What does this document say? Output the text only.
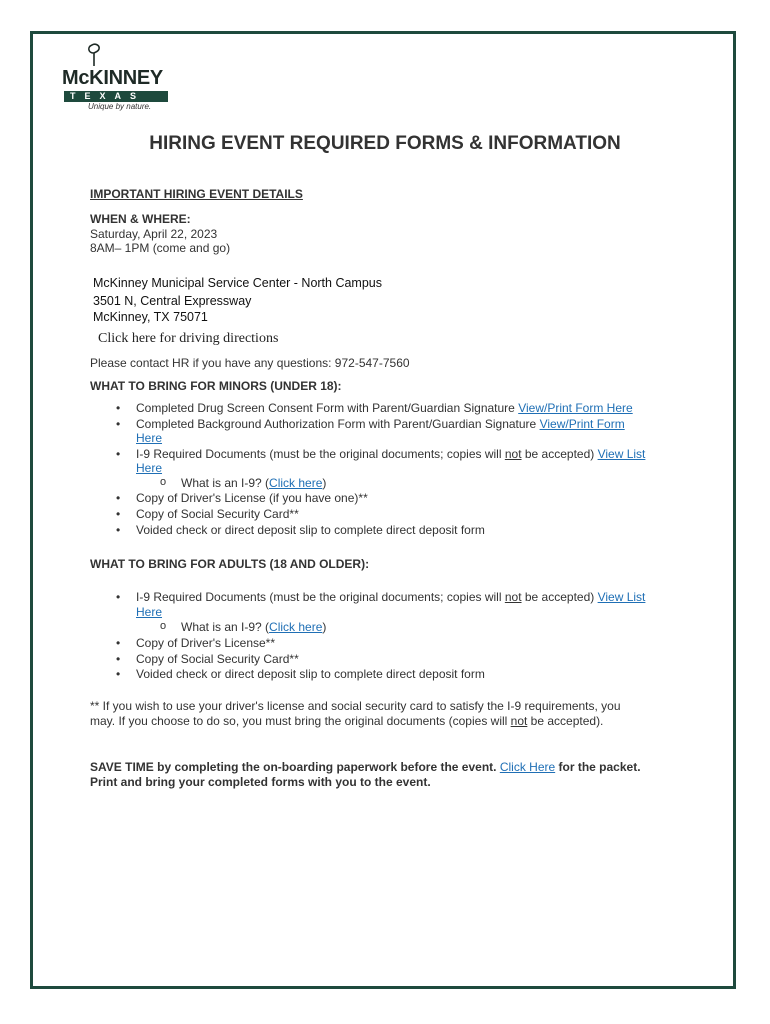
McKINNEY
TEXAS
Unique by nature.
HIRING EVENT REQUIRED FORMS & INFORMATION
IMPORTANT HIRING EVENT DETAILS
WHEN & WHERE:
Saturday, April 22, 2023
8AM– 1PM (come and go)
McKinney Municipal Service Center - North Campus
3501 N, Central Expressway
McKinney, TX 75071
Click here for driving directions
Please contact HR if you have any questions: 972-547-7560
WHAT TO BRING FOR MINORS (UNDER 18):
• Completed Drug Screen Consent Form with Parent/Guardian Signature View/Print Form Here
• Completed Background Authorization Form with Parent/Guardian Signature View/Print Form
Here
• I-9 Required Documents (must be the original documents; copies will not be accepted) View List
Here
o What is an I-9? (Click here)
• Copy of Driver's License (if you have one)**
• Copy of Social Security Card**
• Voided check or direct deposit slip to complete direct deposit form
WHAT TO BRING FOR ADULTS (18 AND OLDER):
• I-9 Required Documents (must be the original documents; copies will not be accepted) View List
Here
o What is an I-9? (Click here)
• Copy of Driver's License**
• Copy of Social Security Card**
• Voided check or direct deposit slip to complete direct deposit form
** If you wish to use your driver's license and social security card to satisfy the I-9 requirements, you
may. If you choose to do so, you must bring the original documents (copies will not be accepted).
SAVE TIME by completing the on-boarding paperwork before the event. Click Here for the packet.
Print and bring your completed forms with you to the event.
